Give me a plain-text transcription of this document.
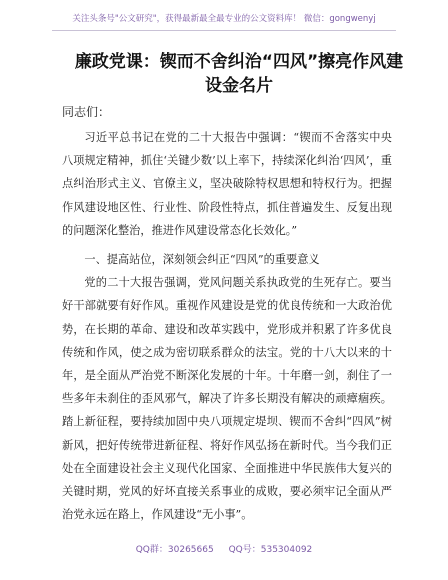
关注头条号"公文研究"，获得最新最全最专业的公文资料库！ 微信：gongwenyj
廉政党课：锲而不舍纠治“四风”擦亮作风建设金名片
同志们：

习近平总书记在党的二十大报告中强调：“锲而不舍落实中央八项规定精神，抓住‘关键少数’以上率下，持续深化纠治‘四风’，重点纠治形式主义、官僚主义，坚决破除特权思想和特权行为。把握作风建设地区性、行业性、阶段性特点，抓住普遍发生、反复出现的问题深化整治，推进作风建设常态化长效化。”

一、提高站位，深刻领会纠正“四风”的重要意义

党的二十大报告强调，党风问题关系执政党的生死存亡。要当好干部就要有好作风。重视作风建设是党的优良传统和一大政治优势，在长期的革命、建设和改革实践中，党形成并积累了许多优良传统和作风，使之成为密切联系群众的法宝。党的十八大以来的十年，是全面从严治党不断深化发展的十年。十年磨一剑，刹住了一些多年未刹住的歪风邪气，解决了许多长期没有解决的顽瘴痼疾。踏上新征程，要持续加固中央八项规定堤坝、锲而不舍纠“四风”树新风，把好传统带进新征程、将好作风弘扬在新时代。当今我们正处在全面建设社会主义现代化国家、全面推进中华民族伟大复兴的关键时期，党风的好坏直接关系事业的成败，要必须牢记全面从严治党永远在路上，作风建设“无小事”。

QQ群：30265665 QQ号：535304092
